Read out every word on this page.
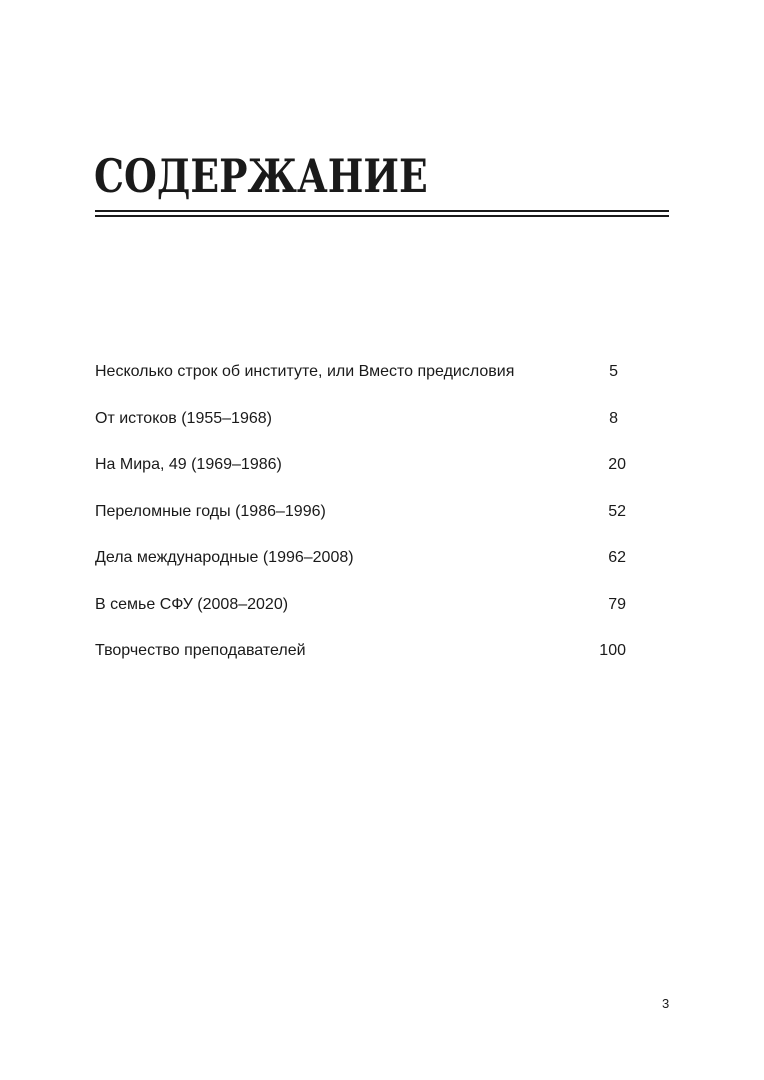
СОДЕРЖАНИЕ
Несколько строк об институте, или Вместо предисловия	5
От истоков (1955–1968)	8
На Мира, 49 (1969–1986)	20
Переломные годы (1986–1996)	52
Дела международные (1996–2008)	62
В семье СФУ (2008–2020)	79
Творчество преподавателей	100
3
